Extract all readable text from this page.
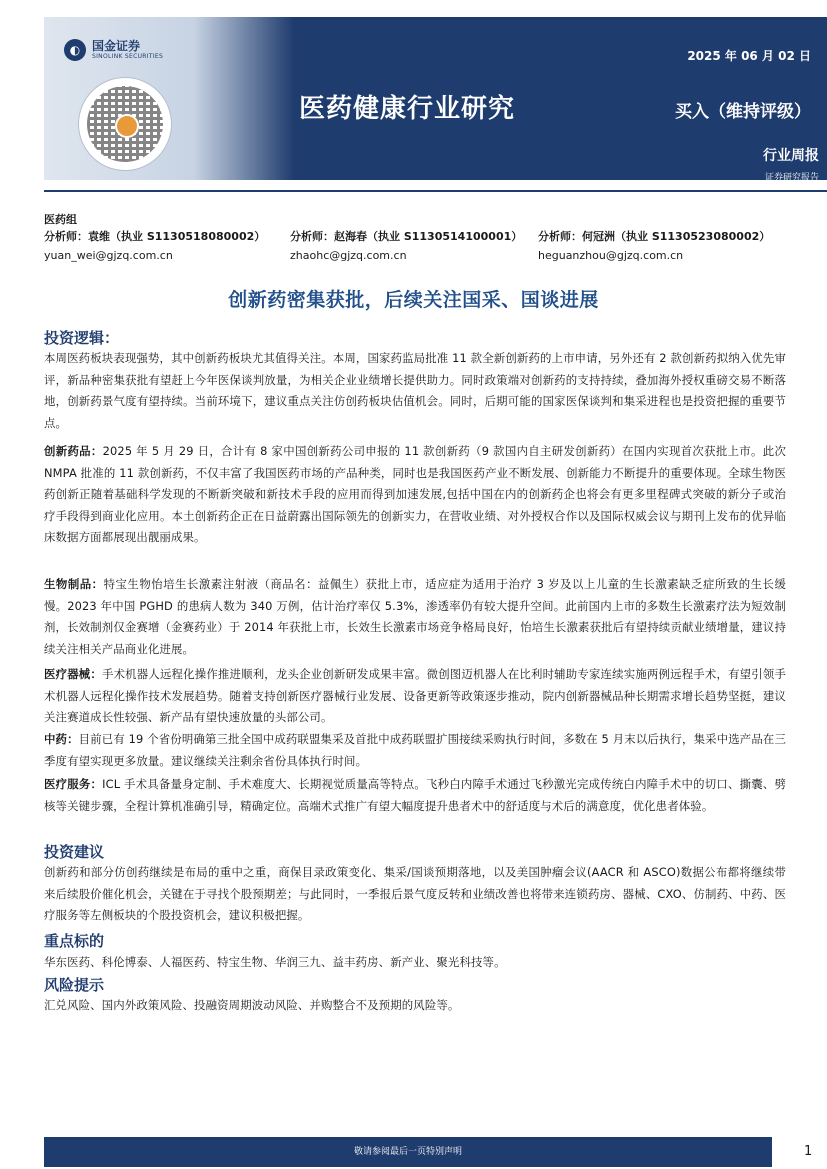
◐ 国金证券
SINOLINK SECURITIES	2025 年 06 月 02 日
医药健康行业研究	买入（维持评级）
行业周报
证券研究报告
医药组
分析师：袁维（执业 S1130518080002）
yuan_wei@gjzq.com.cn
分析师：赵海春（执业 S1130514100001）
zhaohc@gjzq.com.cn
分析师：何冠洲（执业 S1130523080002）
heguanzhou@gjzq.com.cn
创新药密集获批，后续关注国采、国谈进展
投资逻辑：
本周医药板块表现强势，其中创新药板块尤其值得关注。本周，国家药监局批准 11 款全新创新药的上市申请，另外还有 2 款创新药拟纳入优先审评，新品种密集获批有望赶上今年医保谈判放量，为相关企业业绩增长提供助力。同时政策端对创新药的支持持续，叠加海外授权重磅交易不断落地，创新药景气度有望持续。当前环境下，建议重点关注仿创药板块估值机会。同时，后期可能的国家医保谈判和集采进程也是投资把握的重要节点。
创新药品：2025 年 5 月 29 日，合计有 8 家中国创新药公司申报的 11 款创新药（9 款国内自主研发创新药）在国内实现首次获批上市。此次 NMPA 批准的 11 款创新药，不仅丰富了我国医药市场的产品种类，同时也是我国医药产业不断发展、创新能力不断提升的重要体现。全球生物医药创新正随着基础科学发现的不断新突破和新技术手段的应用而得到加速发展,包括中国在内的创新药企也将会有更多里程碑式突破的新分子或治疗手段得到商业化应用。本土创新药企正在日益蔚露出国际领先的创新实力，在营收业绩、对外授权合作以及国际权威会议与期刊上发布的优异临床数据方面都展现出靓丽成果。
生物制品：特宝生物怡培生长激素注射液（商品名：益佩生）获批上市，适应症为适用于治疗 3 岁及以上儿童的生长激素缺乏症所致的生长缓慢。2023 年中国 PGHD 的患病人数为 340 万例，估计治疗率仅 5.3%，渗透率仍有较大提升空间。此前国内上市的多数生长激素疗法为短效制剂，长效制剂仅金赛增（金赛药业）于 2014 年获批上市，长效生长激素市场竞争格局良好，怡培生长激素获批后有望持续贡献业绩增量，建议持续关注相关产品商业化进展。
医疗器械：手术机器人远程化操作推进顺利，龙头企业创新研发成果丰富。微创图迈机器人在比利时辅助专家连续实施两例远程手术，有望引领手术机器人远程化操作技术发展趋势。随着支持创新医疗器械行业发展、设备更新等政策逐步推动，院内创新器械品种长期需求增长趋势坚挺，建议关注赛道成长性较强、新产品有望快速放量的头部公司。
中药：目前已有 19 个省份明确第三批全国中成药联盟集采及首批中成药联盟扩围接续采购执行时间，多数在 5 月末以后执行，集采中选产品在三季度有望实现更多放量。建议继续关注剩余省份具体执行时间。
医疗服务：ICL 手术具备量身定制、手术难度大、长期视觉质量高等特点。飞秒白内障手术通过飞秒激光完成传统白内障手术中的切口、撕囊、劈核等关键步骤，全程计算机准确引导，精确定位。高端术式推广有望大幅度提升患者术中的舒适度与术后的满意度，优化患者体验。
投资建议
创新药和部分仿创药继续是布局的重中之重，商保目录政策变化、集采/国谈预期落地，以及美国肿瘤会议(AACR 和 ASCO)数据公布都将继续带来后续股价催化机会，关键在于寻找个股预期差；与此同时，一季报后景气度反转和业绩改善也将带来连锁药房、器械、CXO、仿制药、中药、医疗服务等左侧板块的个股投资机会，建议积极把握。
重点标的
华东医药、科伦博泰、人福医药、特宝生物、华润三九、益丰药房、新产业、聚光科技等。
风险提示
汇兑风险、国内外政策风险、投融资周期波动风险、并购整合不及预期的风险等。
敬请参阅最后一页特别声明	1
